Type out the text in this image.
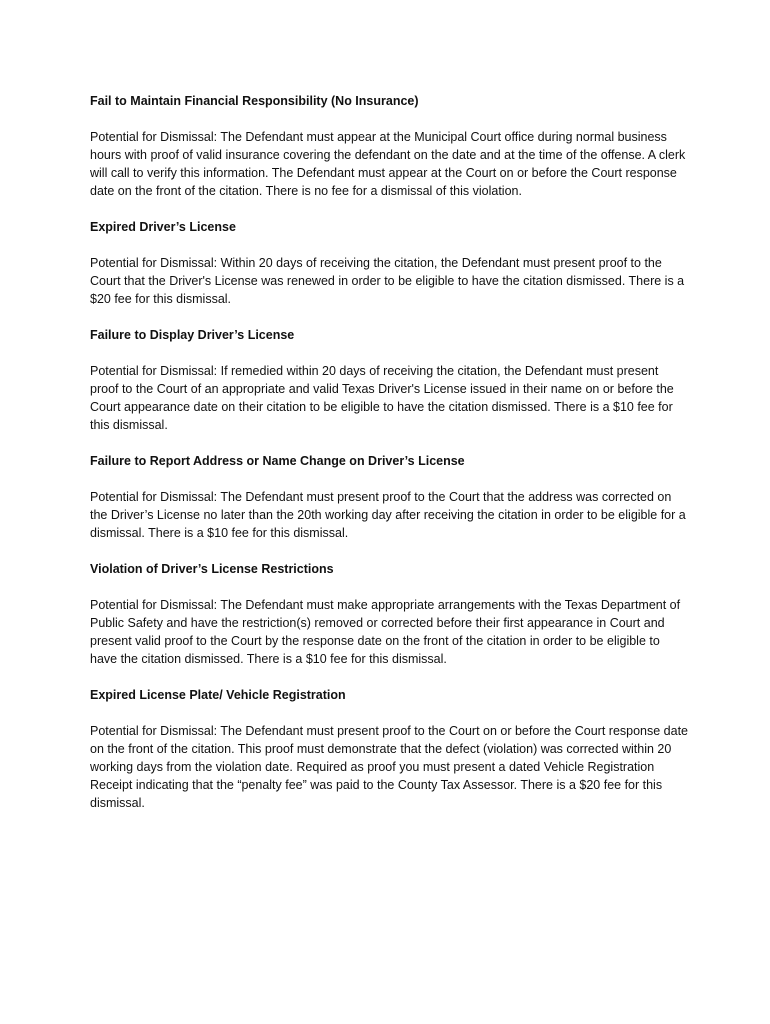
Fail to Maintain Financial Responsibility (No Insurance)

Potential for Dismissal: The Defendant must appear at the Municipal Court office during normal business hours with proof of valid insurance covering the defendant on the date and at the time of the offense. A clerk will call to verify this information. The Defendant must appear at the Court on or before the Court response date on the front of the citation. There is no fee for a dismissal of this violation.

Expired Driver’s License

Potential for Dismissal: Within 20 days of receiving the citation, the Defendant must present proof to the Court that the Driver's License was renewed in order to be eligible to have the citation dismissed. There is a $20 fee for this dismissal.

Failure to Display Driver’s License

Potential for Dismissal: If remedied within 20 days of receiving the citation, the Defendant must present proof to the Court of an appropriate and valid Texas Driver's License issued in their name on or before the Court appearance date on their citation to be eligible to have the citation dismissed. There is a $10 fee for this dismissal.

Failure to Report Address or Name Change on Driver’s License

Potential for Dismissal: The Defendant must present proof to the Court that the address was corrected on the Driver’s License no later than the 20th working day after receiving the citation in order to be eligible for a dismissal. There is a $10 fee for this dismissal.

Violation of Driver’s License Restrictions

Potential for Dismissal: The Defendant must make appropriate arrangements with the Texas Department of Public Safety and have the restriction(s) removed or corrected before their first appearance in Court and present valid proof to the Court by the response date on the front of the citation in order to be eligible to have the citation dismissed. There is a $10 fee for this dismissal.

Expired License Plate/ Vehicle Registration

Potential for Dismissal: The Defendant must present proof to the Court on or before the Court response date on the front of the citation. This proof must demonstrate that the defect (violation) was corrected within 20 working days from the violation date. Required as proof you must present a dated Vehicle Registration Receipt indicating that the “penalty fee” was paid to the County Tax Assessor. There is a $20 fee for this dismissal.
